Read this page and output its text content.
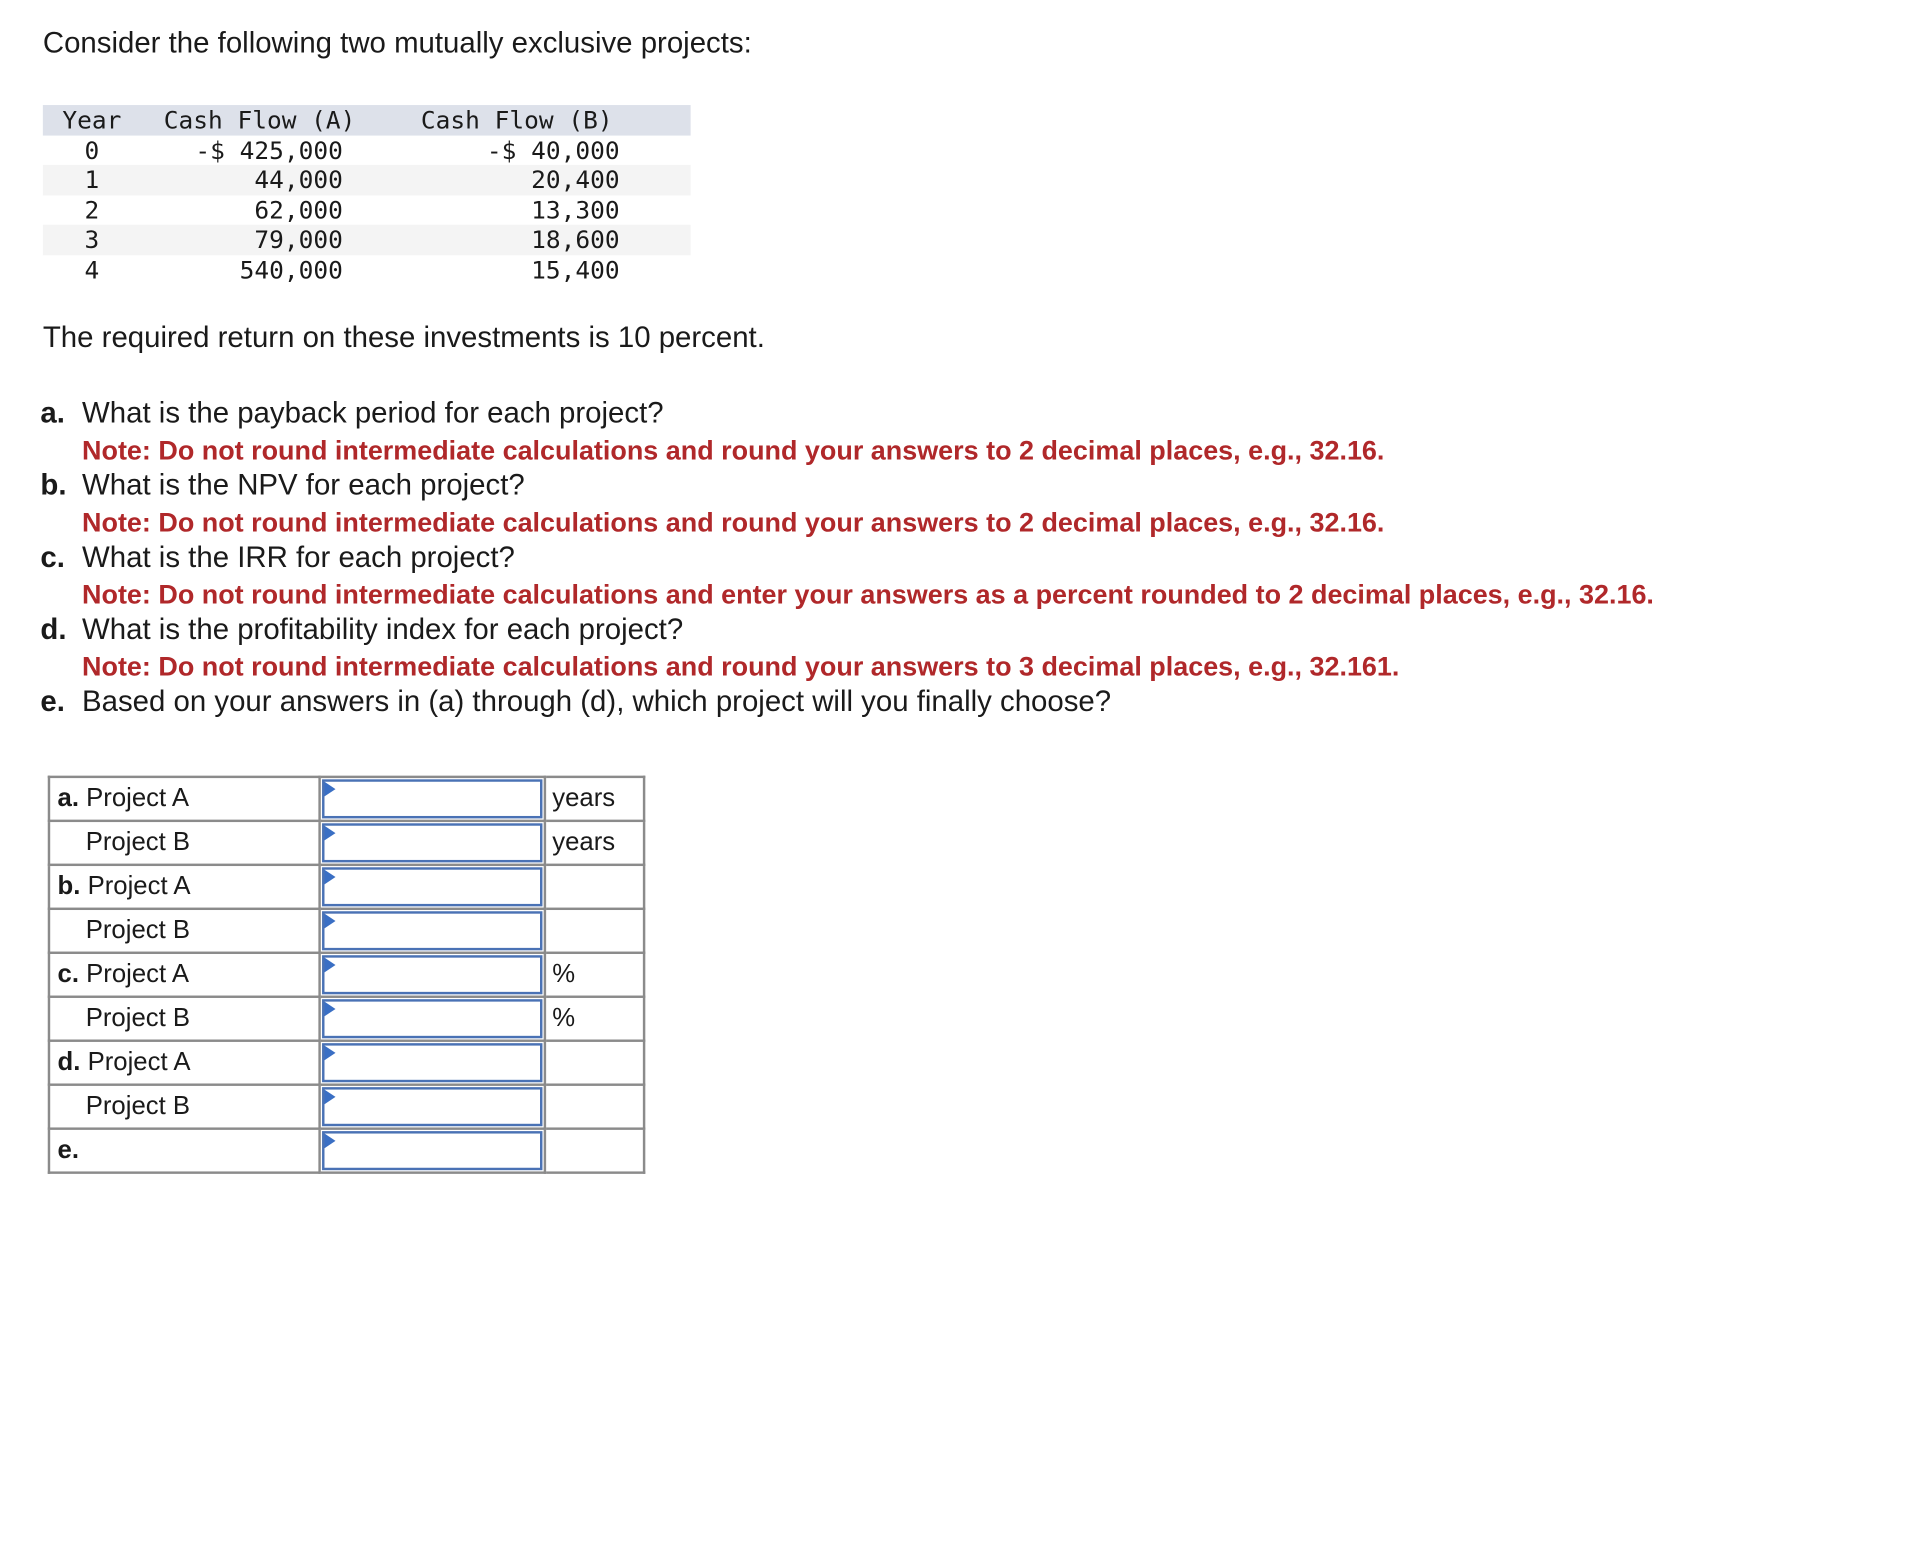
Consider the following two mutually exclusive projects:

Year	Cash Flow (A)	Cash Flow (B)
0	-$ 425,000	-$ 40,000
1	44,000	20,400
2	62,000	13,300
3	79,000	18,600
4	540,000	15,400

The required return on these investments is 10 percent.

a. What is the payback period for each project?
Note: Do not round intermediate calculations and round your answers to 2 decimal places, e.g., 32.16.
b. What is the NPV for each project?
Note: Do not round intermediate calculations and round your answers to 2 decimal places, e.g., 32.16.
c. What is the IRR for each project?
Note: Do not round intermediate calculations and enter your answers as a percent rounded to 2 decimal places, e.g., 32.16.
d. What is the profitability index for each project?
Note: Do not round intermediate calculations and round your answers to 3 decimal places, e.g., 32.161.
e. Based on your answers in (a) through (d), which project will you finally choose?
a. Project A		years
Project B		years
b. Project A	

Project B	

c. Project A		%
Project B		%
d. Project A	

Project B	

e.	
